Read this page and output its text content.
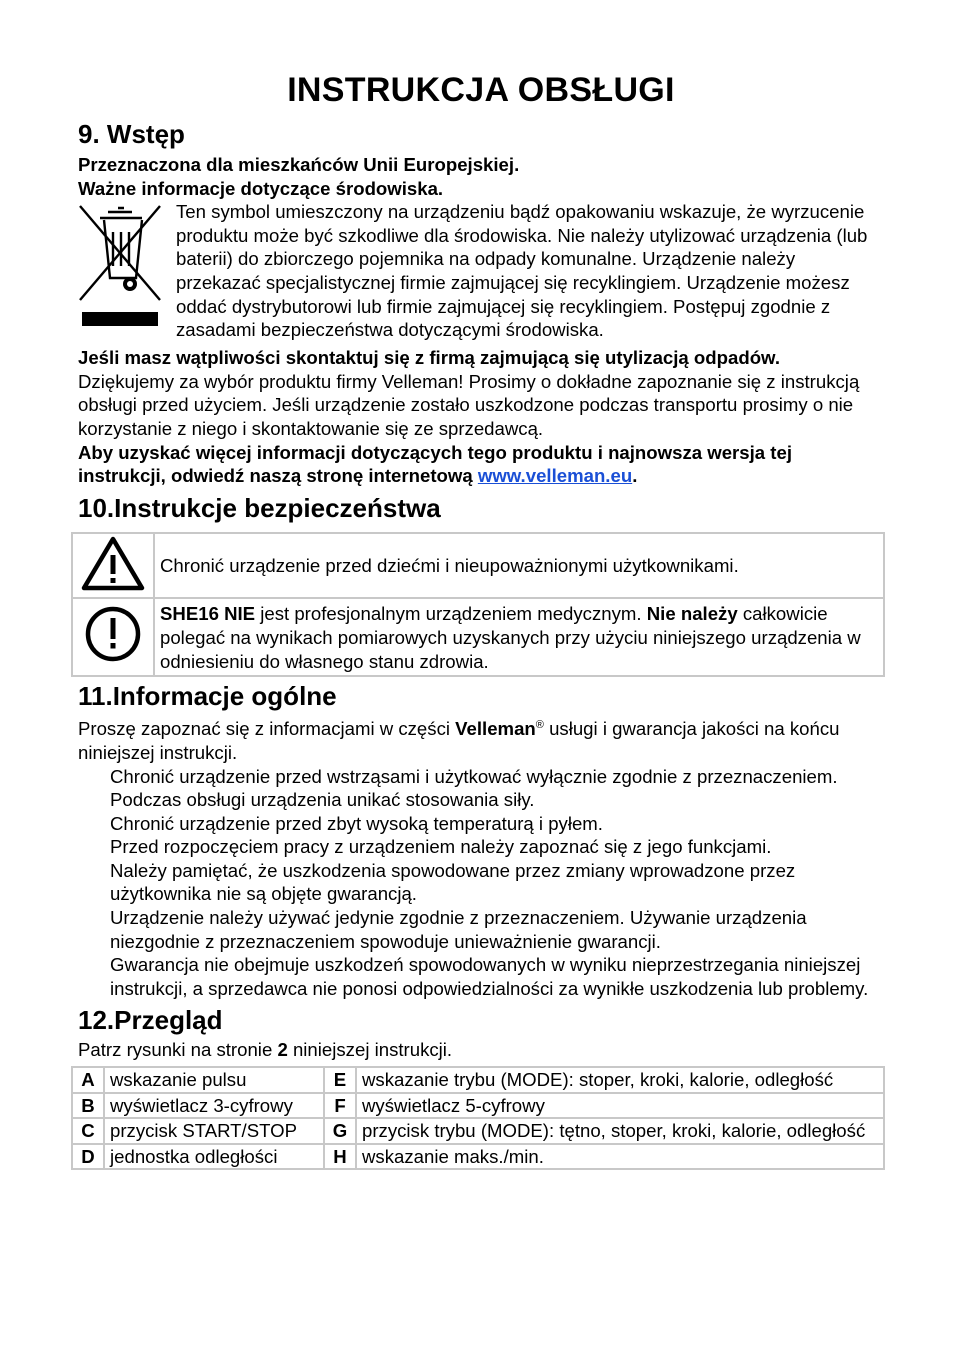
INSTRUKCJA OBSŁUGI
9. Wstęp

Przeznaczona dla mieszkańców Unii Europejskiej.

Ważne informacje dotyczące środowiska.

Ten symbol umieszczony na urządzeniu bądź opakowaniu wskazuje, że wyrzucenie produktu może być szkodliwe dla środowiska. Nie należy utylizować urządzenia (lub baterii) do zbiorczego pojemnika na odpady komunalne. Urządzenie należy przekazać specjalistycznej firmie zajmującej się recyklingiem. Urządzenie możesz oddać dystrybutorowi lub firmie zajmującej się recyklingiem. Postępuj zgodnie z zasadami bezpieczeństwa dotyczącymi środowiska.

Jeśli masz wątpliwości skontaktuj się z firmą zajmującą się utylizacją odpadów.

Dziękujemy za wybór produktu firmy Velleman! Prosimy o dokładne zapoznanie się z instrukcją obsługi przed użyciem. Jeśli urządzenie zostało uszkodzone podczas transportu prosimy o nie korzystanie z niego i skontaktowanie się ze sprzedawcą.

Aby uzyskać więcej informacji dotyczących tego produktu i najnowsza wersja tej instrukcji, odwiedź naszą stronę internetową www.velleman.eu.

10.Instrukcje bezpieczeństwa
	Chronić urządzenie przed dziećmi i nieupoważnionymi użytkownikami.
	SHE16 NIE jest profesjonalnym urządzeniem medycznym. Nie należy całkowicie polegać na wynikach pomiarowych uzyskanych przy użyciu niniejszego urządzenia w odniesieniu do własnego stanu zdrowia.
11.Informacje ogólne

Proszę zapoznać się z informacjami w części Velleman® usługi i gwarancja jakości na końcu niniejszej instrukcji.

Chronić urządzenie przed wstrząsami i użytkować wyłącznie zgodnie z przeznaczeniem. Podczas obsługi urządzenia unikać stosowania siły.

Chronić urządzenie przed zbyt wysoką temperaturą i pyłem.

Przed rozpoczęciem pracy z urządzeniem należy zapoznać się z jego funkcjami.

Należy pamiętać, że uszkodzenia spowodowane przez zmiany wprowadzone przez użytkownika nie są objęte gwarancją.

Urządzenie należy używać jedynie zgodnie z przeznaczeniem. Używanie urządzenia niezgodnie z przeznaczeniem spowoduje unieważnienie gwarancji.

Gwarancja nie obejmuje uszkodzeń spowodowanych w wyniku nieprzestrzegania niniejszej instrukcji, a sprzedawca nie ponosi odpowiedzialności za wynikłe uszkodzenia lub problemy.

12.Przegląd

Patrz rysunki na stronie 2 niniejszej instrukcji.

A	wskazanie pulsu	E	wskazanie trybu (MODE): stoper, kroki, kalorie, odległość
B	wyświetlacz 3-cyfrowy	F	wyświetlacz 5-cyfrowy
C	przycisk START/STOP	G	przycisk trybu (MODE): tętno, stoper, kroki, kalorie, odległość
D	jednostka odległości	H	wskazanie maks./min.
